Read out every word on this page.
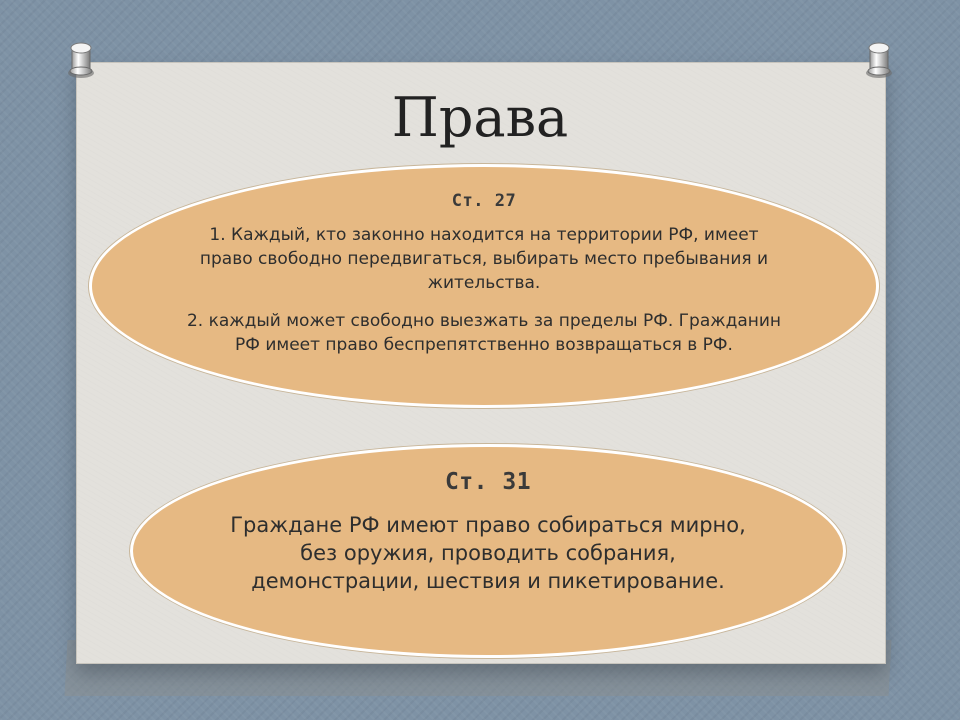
Права
Ст. 27
1. Каждый, кто законно находится на территории РФ, имеет право свободно передвигаться, выбирать место пребывания и жительства.
2. каждый может свободно выезжать за пределы РФ. Гражданин РФ имеет право беспрепятственно возвращаться в РФ.
Ст. 31
Граждане РФ имеют право собираться мирно, без оружия, проводить собрания, демонстрации, шествия и пикетирование.
